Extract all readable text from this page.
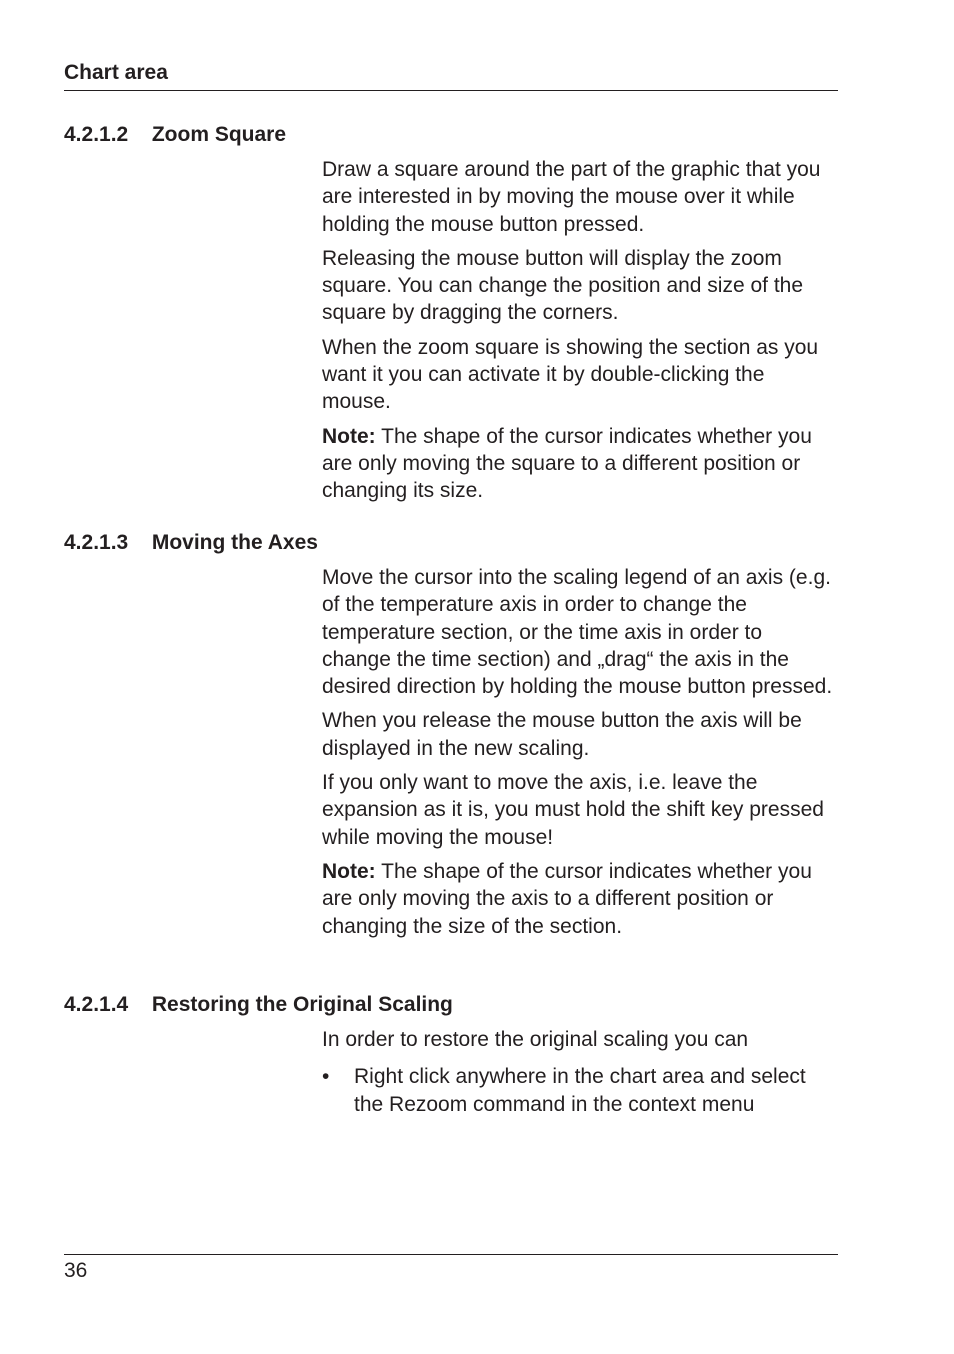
Chart area
4.2.1.2 Zoom Square

Draw a square around the part of the graphic that you are interested in by moving the mouse over it while holding the mouse button pressed.

Releasing the mouse button will display the zoom square. You can change the position and size of the square by dragging the corners.

When the zoom square is showing the section as you want it you can activate it by double-clicking the mouse.

Note: The shape of the cursor indicates whether you are only moving the square to a different position or changing its size.

4.2.1.3 Moving the Axes

Move the cursor into the scaling legend of an axis (e.g. of the temperature axis in order to change the temperature section, or the time axis in order to change the time section) and „drag“ the axis in the desired direction by holding the mouse button pressed.

When you release the mouse button the axis will be displayed in the new scaling.

If you only want to move the axis, i.e. leave the expansion as it is, you must hold the shift key pressed while moving the mouse!

Note: The shape of the cursor indicates whether you are only moving the axis to a different position or changing the size of the section.

4.2.1.4 Restoring the Original Scaling

In order to restore the original scaling you can

• Right click anywhere in the chart area and select the Rezoom command in the context menu
36
